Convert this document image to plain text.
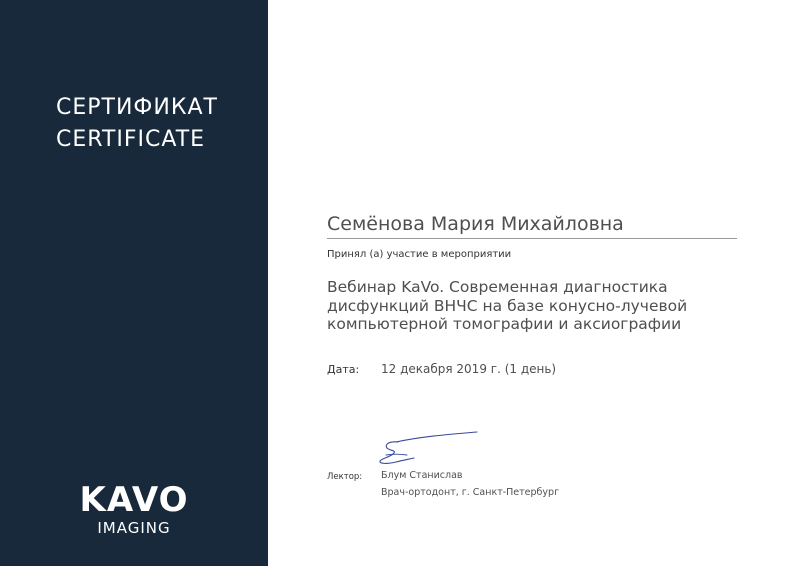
СЕРТИФИКАТ
CERTIFICATE
KAVO
IMAGING
Семёнова Мария Михайловна
Принял (а) участие в мероприятии
Вебинар KaVo. Современная диагностика
дисфункций ВНЧС на базе конусно-лучевой
компьютерной томографии и аксиографии
Дата: 12 декабря 2019 г. (1 день)
Лектор: Блум Станислав
Врач-ортодонт, г. Санкт-Петербург
